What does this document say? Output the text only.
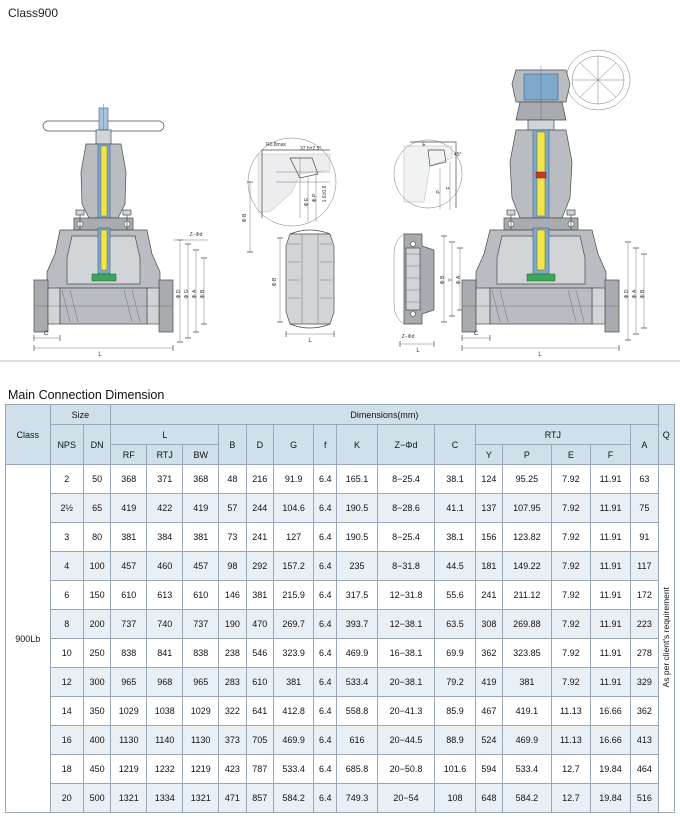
Class900
L
C
Φ D Φ G Φ A Φ B
Z−Φd
R0.8max
37.5±2.5°
1.6±0.8
Φ P
Φ E
Φ B
Φ B
L
E
45°
F
P
Φ B Y Φ A
Z−Φd
L
L
C
Φ D Φ A Φ B
Main Connection Dimension
Class	Size		Dimensions(mm)															Q
	NPS	DN	L			B	D	G	f	K	Z−Φd	C	RTJ				A	
			RF	RTJ	BW								Y	P	E	F		
900Lb	2	50	368	371	368	48	216	91.9	6.4	165.1	8−25.4	38.1	124	95.25	7.92	11.91	63	As per client's requirement
	2½	65	419	422	419	57	244	104.6	6.4	190.5	8−28.6	41.1	137	107.95	7.92	11.91	75	
	3	80	381	384	381	73	241	127	6.4	190.5	8−25.4	38.1	156	123.82	7.92	11.91	91	
	4	100	457	460	457	98	292	157.2	6.4	235	8−31.8	44.5	181	149.22	7.92	11.91	117	
	6	150	610	613	610	146	381	215.9	6.4	317.5	12−31.8	55.6	241	211.12	7.92	11.91	172	
	8	200	737	740	737	190	470	269.7	6.4	393.7	12−38.1	63.5	308	269.88	7.92	11.91	223	
	10	250	838	841	838	238	546	323.9	6.4	469.9	16−38.1	69.9	362	323.85	7.92	11.91	278	
	12	300	965	968	965	283	610	381	6.4	533.4	20−38.1	79.2	419	381	7.92	11.91	329	
	14	350	1029	1038	1029	322	641	412.8	6.4	558.8	20−41.3	85.9	467	419.1	11.13	16.66	362	
	16	400	1130	1140	1130	373	705	469.9	6.4	616	20−44.5	88.9	524	469.9	11.13	16.66	413	
	18	450	1219	1232	1219	423	787	533.4	6.4	685.8	20−50.8	101.6	594	533.4	12.7	19.84	464	
	20	500	1321	1334	1321	471	857	584.2	6.4	749.3	20−54	108	648	584.2	12.7	19.84	516	
